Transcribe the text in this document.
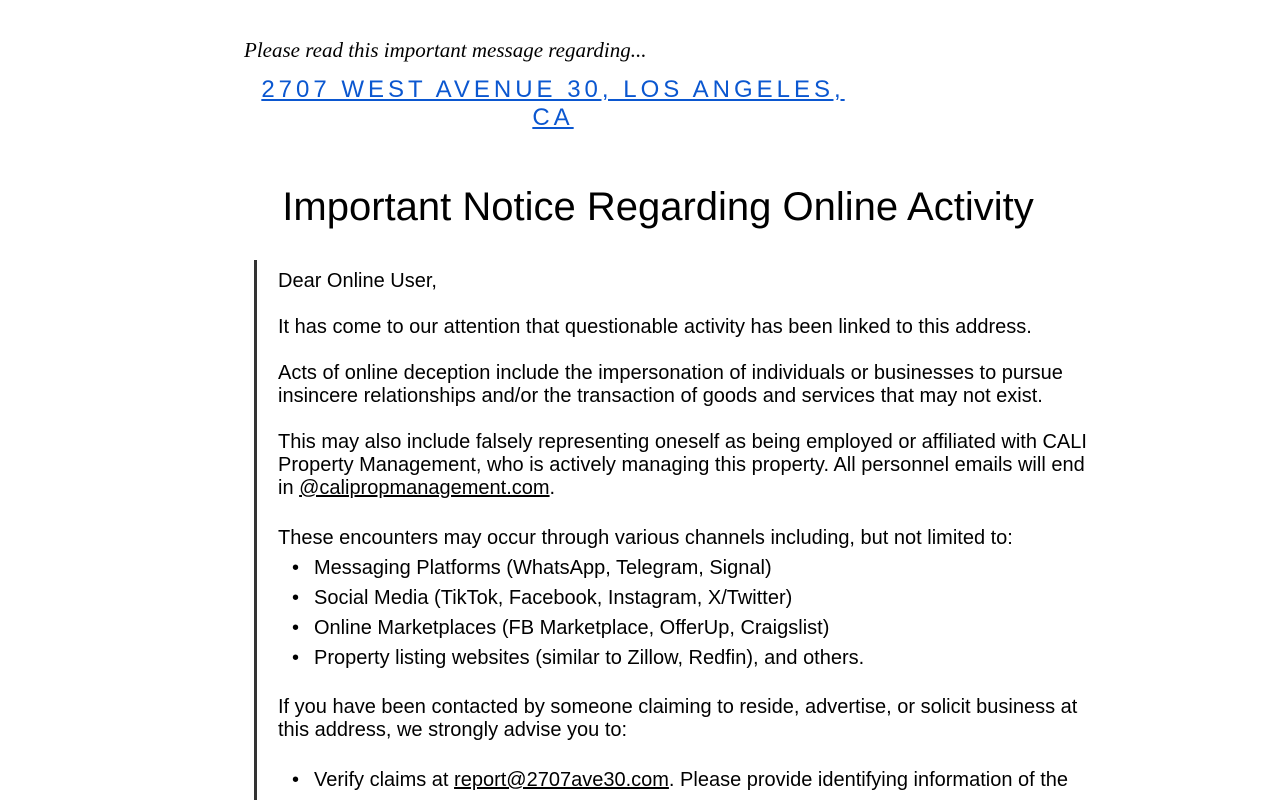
Please read this important message regarding...
2707 WEST AVENUE 30, LOS ANGELES,
CA
Important Notice Regarding Online Activity

Dear Online User,

It has come to our attention that questionable activity has been linked to this address.

Acts of online deception include the impersonation of individuals or businesses to pursue insincere relationships and/or the transaction of goods and services that may not exist.

This may also include falsely representing oneself as being employed or affiliated with CALI Property Management, who is actively managing this property. All personnel emails will end in @calipropmanagement.com.

These encounters may occur through various channels including, but not limited to:

• Messaging Platforms (WhatsApp, Telegram, Signal)
• Social Media (TikTok, Facebook, Instagram, X/Twitter)
• Online Marketplaces (FB Marketplace, OfferUp, Craigslist)
• Property listing websites (similar to Zillow, Redfin), and others.

If you have been contacted by someone claiming to reside, advertise, or solicit business at this address, we strongly advise you to:

• Verify claims at report@2707ave30.com. Please provide identifying information of the
